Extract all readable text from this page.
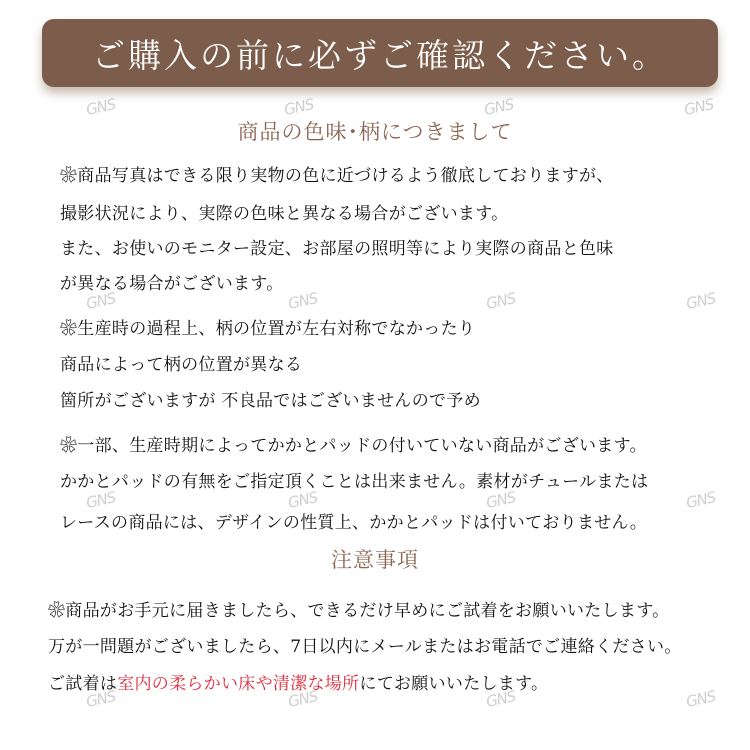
ご購入の前に必ずご確認ください。
商品の色味･柄につきまして
❀商品写真はできる限り実物の色に近づけるよう徹底しておりますが、
撮影状況により、実際の色味と異なる場合がございます。
また、お使いのモニター設定、お部屋の照明等により実際の商品と色味
が異なる場合がございます。
❀生産時の過程上、柄の位置が左右対称でなかったり
商品によって柄の位置が異なる
箇所がございますが 不良品ではございませんので予め
❀一部、生産時期によってかかとパッドの付いていない商品がございます。
かかとパッドの有無をご指定頂くことは出来ません。素材がチュールまたは
レースの商品には、デザインの性質上、かかとパッドは付いておりません。
注意事項
❀商品がお手元に届きましたら、できるだけ早めにご試着をお願いいたします。
万が一問題がございましたら、7日以内にメールまたはお電話でご連絡ください。
ご試着は室内の柔らかい床や清潔な場所にてお願いいたします。
GNS	GNS	GNS	GNS
GNS	GNS	GNS	GNS
GNS	GNS	GNS	GNS
GNS	GNS	GNS	GNS
